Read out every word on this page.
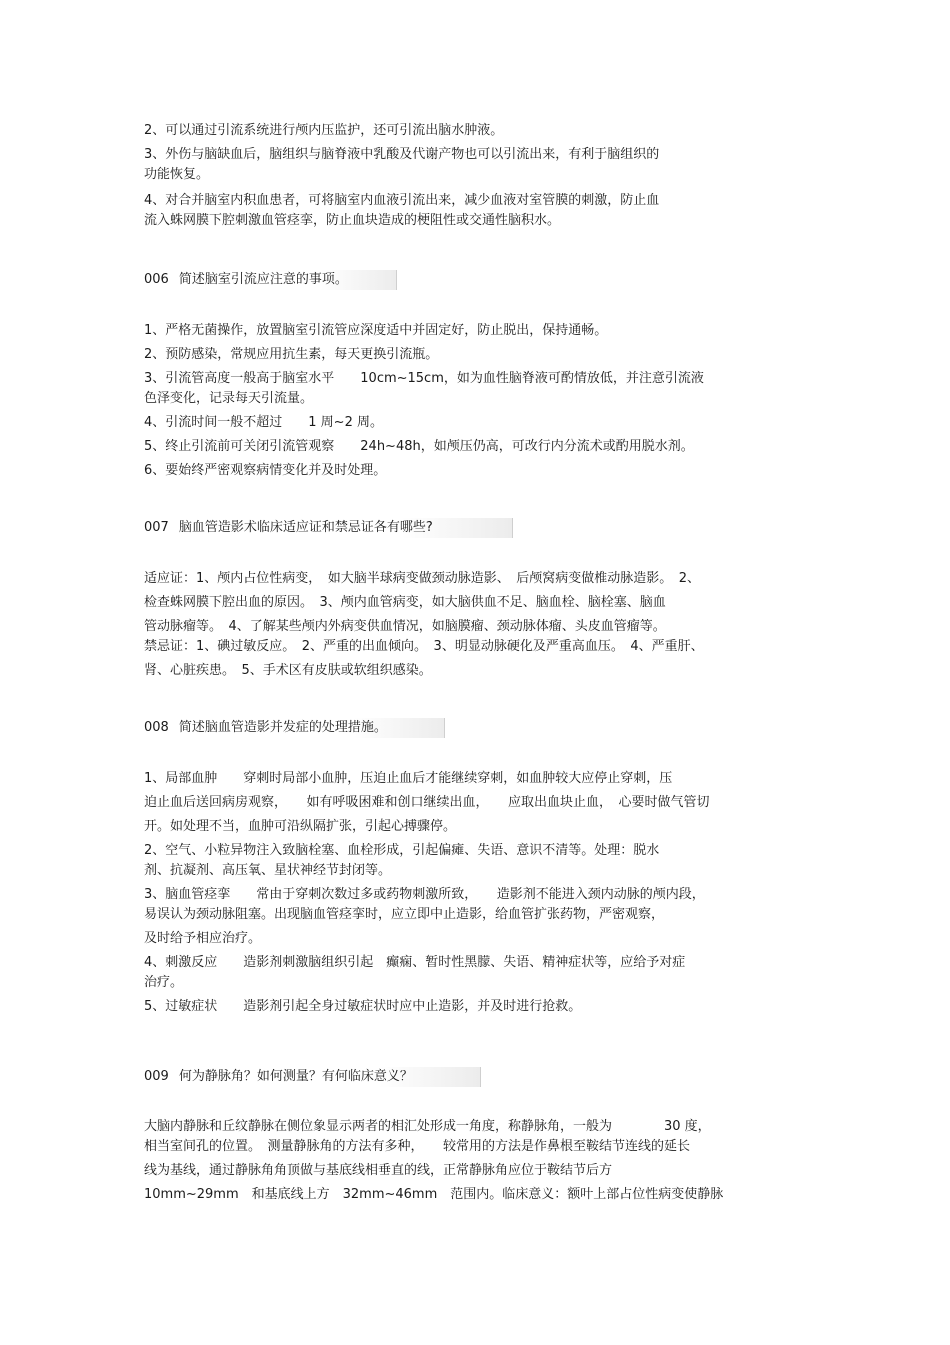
2、可以通过引流系统进行颅内压监护，还可引流出脑水肿液。

3、外伤与脑缺血后，脑组织与脑脊液中乳酸及代谢产物也可以引流出来，有利于脑组织的

功能恢复。

4、对合并脑室内积血患者，可将脑室内血液引流出来，减少血液对室管膜的刺激，防止血

流入蛛网膜下腔刺激血管痉挛，防止血块造成的梗阻性或交通性脑积水。

006 简述脑室引流应注意的事项。

1、严格无菌操作，放置脑室引流管应深度适中并固定好，防止脱出，保持通畅。

2、预防感染，常规应用抗生素，每天更换引流瓶。

3、引流管高度一般高于脑室水平　　10cm~15cm，如为血性脑脊液可酌情放低，并注意引流液

色泽变化，记录每天引流量。

4、引流时间一般不超过　　1 周~2 周。

5、终止引流前可关闭引流管观察　　24h~48h，如颅压仍高，可改行内分流术或酌用脱水剂。

6、要始终严密观察病情变化并及时处理。

007 脑血管造影术临床适应证和禁忌证各有哪些?

适应证：1、颅内占位性病变，　如大脑半球病变做颈动脉造影、　后颅窝病变做椎动脉造影。　2、

检查蛛网膜下腔出血的原因。　3、颅内血管病变，如大脑供血不足、脑血栓、脑栓塞、脑血

管动脉瘤等。　4、了解某些颅内外病变供血情况，如脑膜瘤、颈动脉体瘤、头皮血管瘤等。

禁忌证：1、碘过敏反应。　2、严重的出血倾向。　3、明显动脉硬化及严重高血压。　4、严重肝、

肾、心脏疾患。　5、手术区有皮肤或软组织感染。

008 简述脑血管造影并发症的处理措施。

1、局部血肿　　穿刺时局部小血肿，压迫止血后才能继续穿刺，如血肿较大应停止穿刺，压

迫止血后送回病房观察，　　如有呼吸困难和创口继续出血，　　应取出血块止血，　心要时做气管切

开。如处理不当，血肿可沿纵隔扩张，引起心搏骤停。

2、空气、小粒异物注入致脑栓塞、血栓形成，引起偏瘫、失语、意识不清等。处理：脱水

剂、抗凝剂、高压氧、星状神经节封闭等。

3、脑血管痉挛　　常由于穿刺次数过多或药物刺激所致，　　造影剂不能进入颈内动脉的颅内段，

易误认为颈动脉阻塞。出现脑血管痉挛时，应立即中止造影，给血管扩张药物，严密观察，

及时给予相应治疗。

4、刺激反应　　造影剂刺激脑组织引起　癫痫、暂时性黑朦、失语、精神症状等，应给予对症

治疗。

5、过敏症状　　造影剂引起全身过敏症状时应中止造影，并及时进行抢救。

009 何为静脉角？如何测量？有何临床意义？

大脑内静脉和丘纹静脉在侧位象显示两者的相汇处形成一角度，称静脉角，一般为　　　　30 度，

相当室间孔的位置。　测量静脉角的方法有多种，　　较常用的方法是作鼻根至鞍结节连线的延长

线为基线，通过静脉角角顶做与基底线相垂直的线，正常静脉角应位于鞍结节后方

10mm~29mm　和基底线上方　32mm~46mm　范围内。临床意义：额叶上部占位性病变使静脉
